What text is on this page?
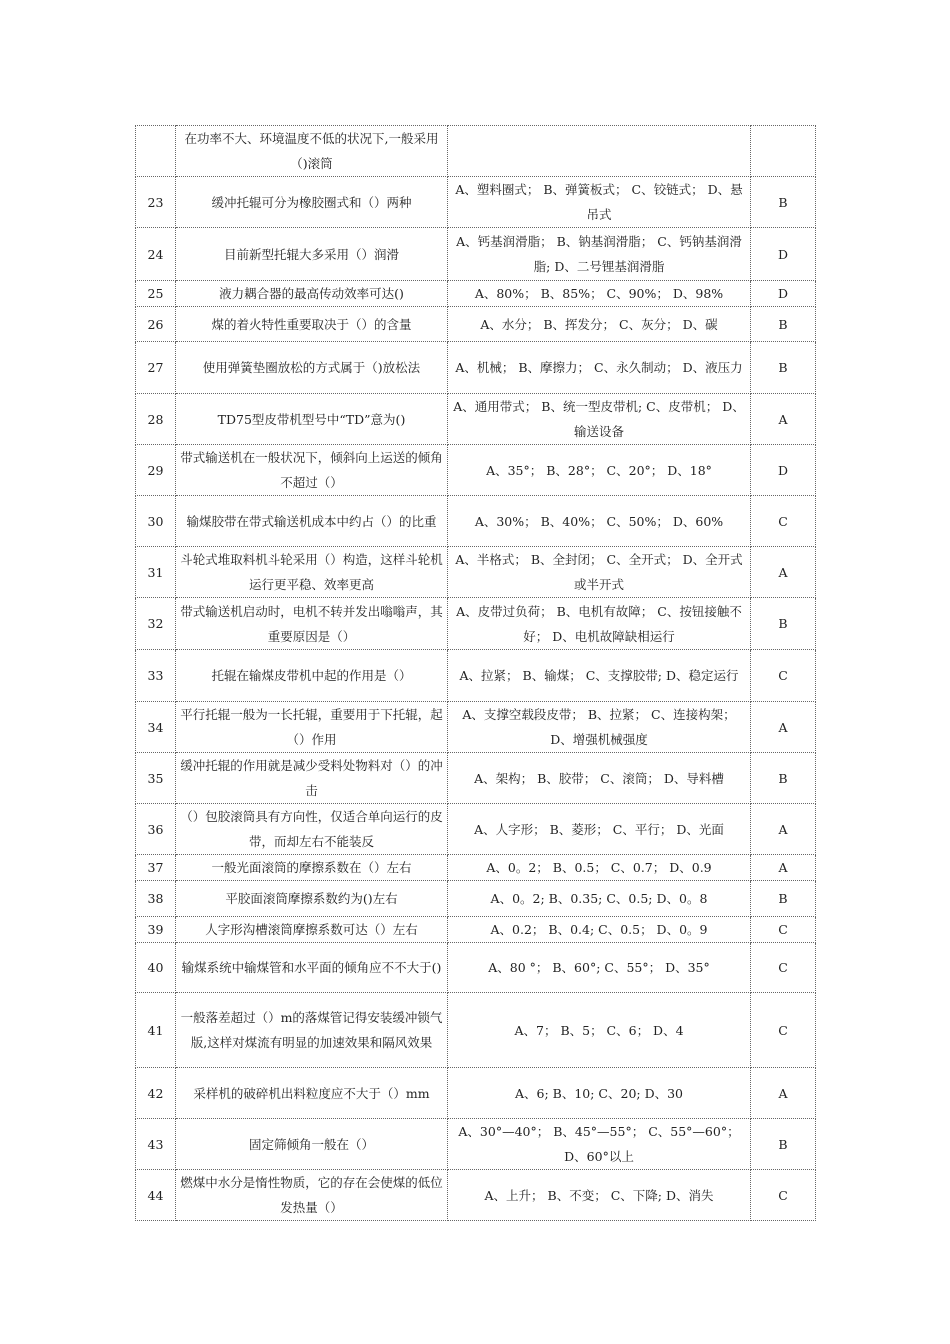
	在功率不大、环境温度不低的状况下,一般采用（)滚筒		
23	缓冲托辊可分为橡胶圈式和（）两种	A、塑料圈式； B、弹簧板式； C、铰链式； D、悬吊式	B
24	目前新型托辊大多采用（）润滑	A、钙基润滑脂； B、钠基润滑脂； C、钙钠基润滑脂; D、二号锂基润滑脂	D
25	液力耦合器的最高传动效率可达()	A、80%； B、85%； C、90%； D、98%	D
26	煤的着火特性重要取决于（）的含量	A、水分； B、挥发分； C、灰分； D、碳	B
27	使用弹簧垫圈放松的方式属于（)放松法	A、机械； B、摩擦力； C、永久制动； D、液压力	B
28	TD75型皮带机型号中“TD”意为()	A、通用带式； B、统一型皮带机; C、皮带机； D、输送设备	A
29	带式输送机在一般状况下，倾斜向上运送的倾角不超过（）	A、35°； B、28°； C、20°； D、18°	D
30	输煤胶带在带式输送机成本中约占（）的比重	A、30%； B、40%； C、50%； D、60%	C
31	斗轮式堆取料机斗轮采用（）构造，这样斗轮机运行更平稳、效率更高	A、半格式； B、全封闭； C、全开式； D、全开式或半开式	A
32	带式输送机启动时，电机不转并发出嗡嗡声，其重要原因是（）	A、皮带过负荷； B、电机有故障； C、按钮接触不好； D、电机故障缺相运行	B
33	托辊在输煤皮带机中起的作用是（）	A、拉紧； B、输煤； C、支撑胶带; D、稳定运行	C
34	平行托辊一般为一长托辊，重要用于下托辊，起（）作用	A、支撑空载段皮带； B、拉紧； C、连接构架； D、增强机械强度	A
35	缓冲托辊的作用就是减少受料处物料对（）的冲击	A、架构； B、胶带； C、滚筒； D、导料槽	B
36	（）包胶滚筒具有方向性，仅适合单向运行的皮带，而却左右不能装反	A、人字形； B、菱形； C、平行； D、光面	A
37	一般光面滚筒的摩擦系数在（）左右	A、0。2； B、0.5； C、0.7； D、0.9	A
38	平胶面滚筒摩擦系数约为()左右	A、0。2; B、0.35; C、0.5; D、0。8	B
39	人字形沟槽滚筒摩擦系数可达（）左右	A、0.2； B、0.4; C、0.5； D、0。9	C
40	输煤系统中输煤管和水平面的倾角应不不大于()	A、80 °； B、60°; C、55°； D、35°	C
41	一般落差超过（）m的落煤管记得安装缓冲锁气版,这样对煤流有明显的加速效果和隔风效果	A、7； B、5； C、6； D、4	C
42	采样机的破碎机出料粒度应不大于（）mm	A、6; B、10; C、20; D、30	A
43	固定筛倾角一般在（）	A、30°—40°； B、45°—55°； C、55°—60°； D、60°以上	B
44	燃煤中水分是惰性物质，它的存在会使煤的低位发热量（）	A、上升； B、不变； C、下降; D、消失	C
